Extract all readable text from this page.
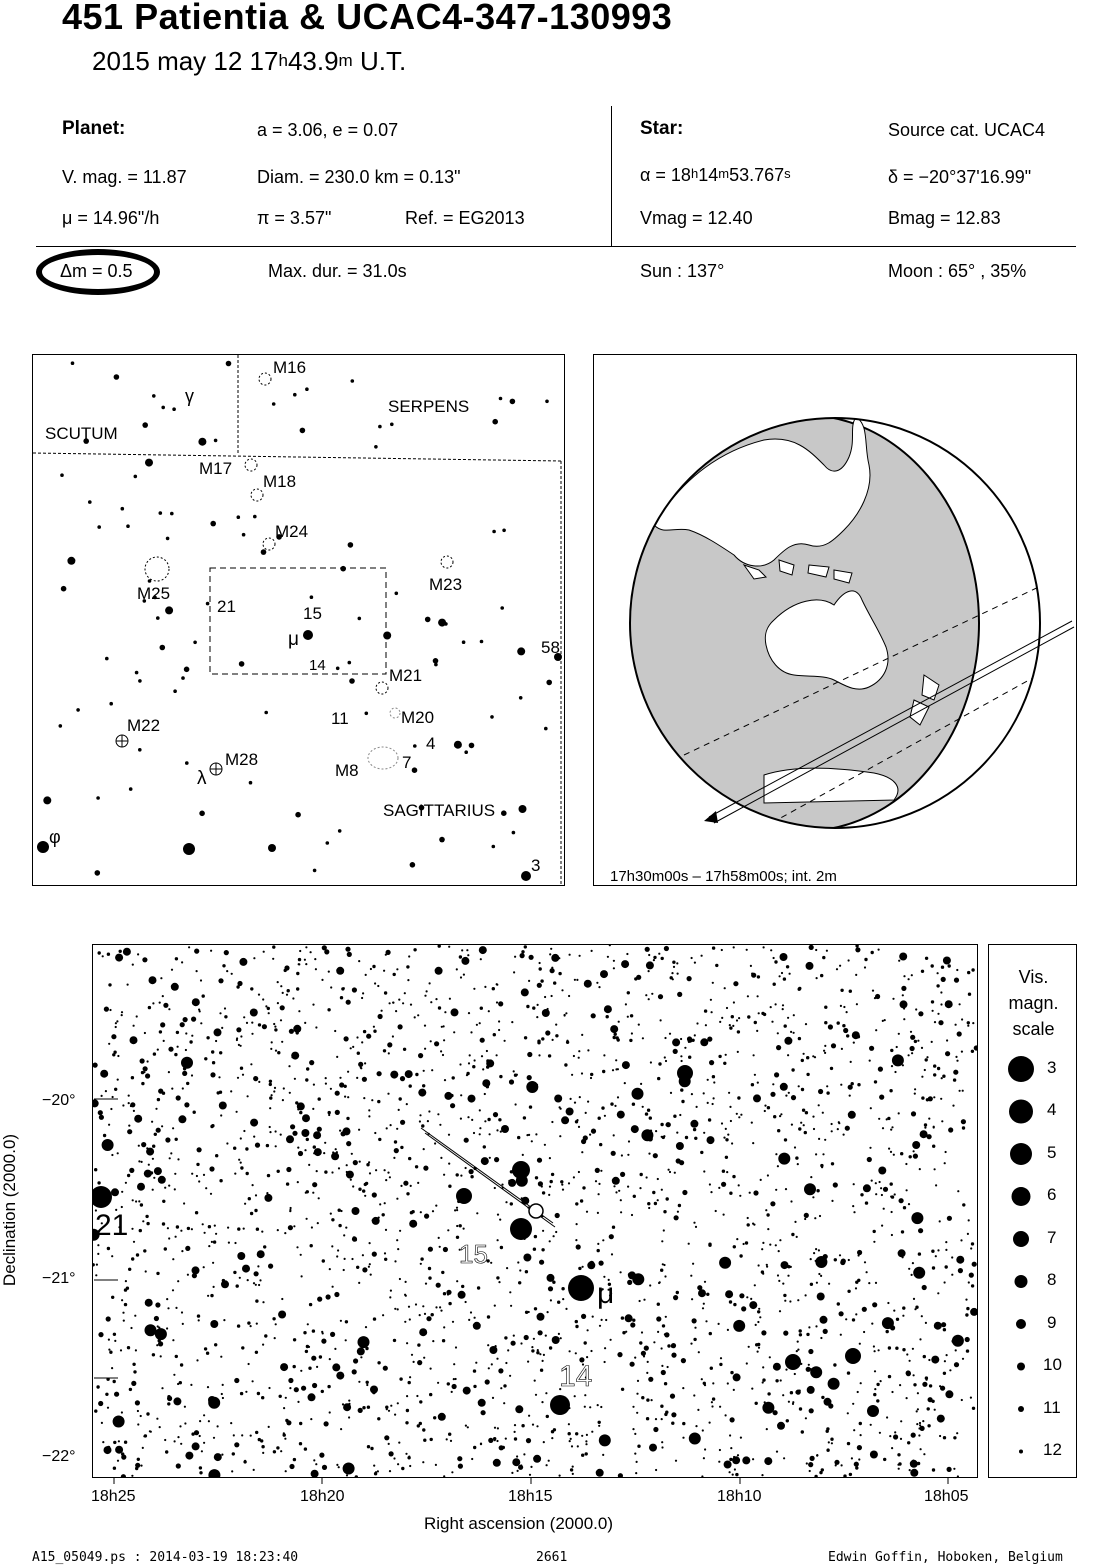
451 Patientia & UCAC4-347-130993
2015 may 12 17$^h$43.9$^m$ U.T.
Planet:	a = 3.06, e = 0.07
V. mag. = 11.87	Diam. = 230.0 km = 0.13"
μ = 14.96"/h	π = 3.57"	Ref. = EG2013
Δm = 0.5	Max. dur. = 31.0s
Star:	Source cat. UCAC4
$\alpha = 18^h14^m53.767^s$	δ = −20°37'16.99"
Vmag = 12.40	Bmag = 12.83
Sun : 137°	Moon : 65° , 35%
M16
γ
SERPENS
SCUTUM
M17
M18
M24
M23
M25
21	15
μ
14
58
M21
M20
M22	11
4
M28
λ	M8	7
SAGITTARIUS
φ
3
17h30m00s – 17h58m00s; int. 2m
21
15
μ
14
−20°
−21°
−22°
18h25	18h20	18h15	18h10	18h05
Right ascension (2000.0)
Declination (2000.0)
Vis.
magn.
scale
3
4
5
6
7
8
9
10
11
12
A15_05049.ps : 2014-03-19 18:23:40	2661	Edwin Goffin, Hoboken, Belgium
